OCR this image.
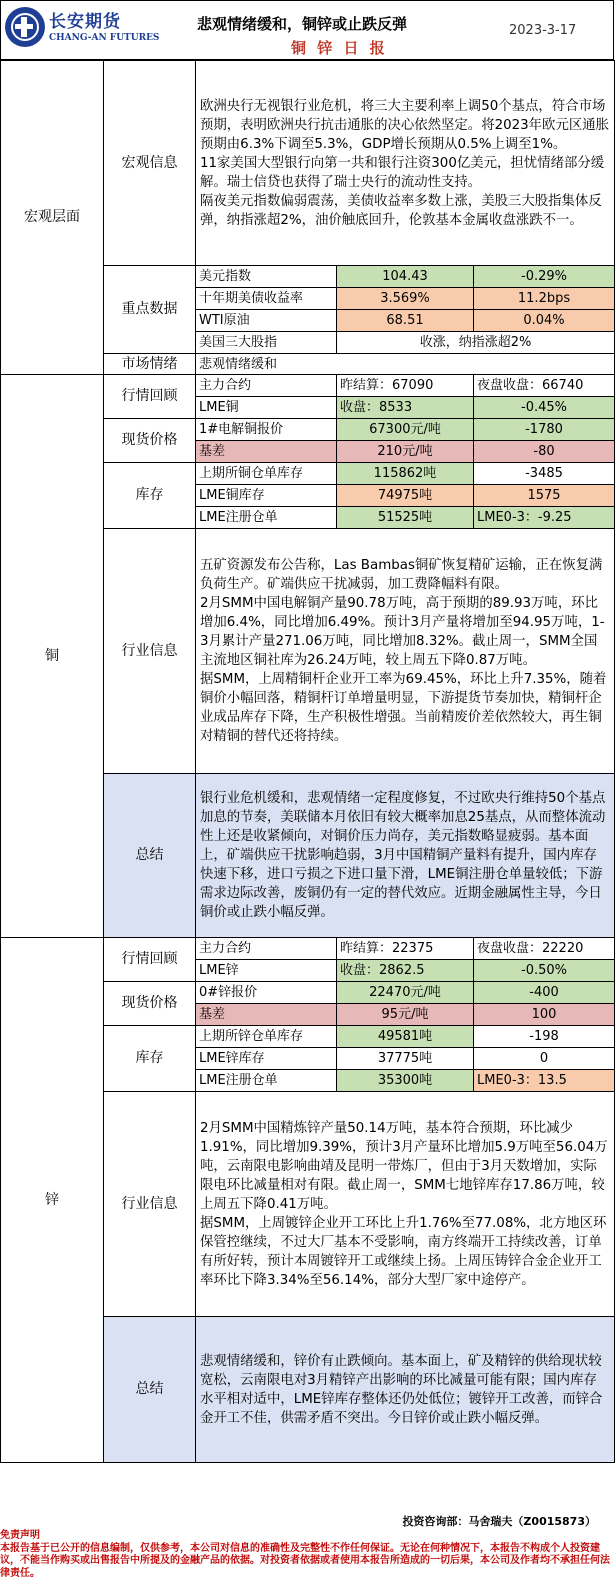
长安期货
CHANG-AN FUTURES
悲观情绪缓和，铜锌或止跌反弹
铜 锌 日 报
2023-3-17
宏观层面	宏观信息	欧洲央行无视银行业危机，将三大主要利率上调50个基点，符合市场预期，表明欧洲央行抗击通胀的决心依然坚定。将2023年欧元区通胀预期由6.3%下调至5.3%，GDP增长预期从0.5%上调至1%。
11家美国大型银行向第一共和银行注资300亿美元，担忧情绪部分缓解。瑞士信贷也获得了瑞士央行的流动性支持。
隔夜美元指数偏弱震荡，美债收益率多数上涨，美股三大股指集体反弹，纳指涨超2%，油价触底回升，伦敦基本金属收盘涨跌不一。		

	重点数据	美元指数	104.43	-0.29%
		十年期美债收益率	3.569%	11.2bps
		WTI原油	68.51	0.04%
		美国三大股指	收涨，纳指涨超2%	
	市场情绪	悲观情绪缓和		
铜	行情回顾	主力合约	昨结算：67090	夜盘收盘：66740
		LME铜	收盘：8533	-0.45%
	现货价格	1#电解铜报价	67300元/吨	-1780
		基差	210元/吨	-80
	库存	上期所铜仓单库存	115862吨	-3485
		LME铜库存	74975吨	1575
		LME注册仓单	51525吨	LME0-3：-9.25
	行业信息	五矿资源发布公告称，Las Bambas铜矿恢复精矿运输，正在恢复满负荷生产。矿端供应干扰减弱，加工费降幅料有限。
2月SMM中国电解铜产量90.78万吨，高于预期的89.93万吨，环比增加6.4%，同比增加6.49%。预计3月产量将增加至94.95万吨，1-3月累计产量271.06万吨，同比增加8.32%。截止周一，SMM全国主流地区铜社库为26.24万吨，较上周五下降0.87万吨。
据SMM，上周精铜杆企业开工率为69.45%，环比上升7.35%，随着铜价小幅回落，精铜杆订单增量明显，下游提货节奏加快，精铜杆企业成品库存下降，生产积极性增强。当前精废价差依然较大，再生铜对精铜的替代还将持续。		

	总结	银行业危机缓和，悲观情绪一定程度修复，不过欧央行维持50个基点加息的节奏，美联储本月依旧有较大概率加息25基点，从而整体流动性上还是收紧倾向，对铜价压力尚存，美元指数略显疲弱。基本面上，矿端供应干扰影响趋弱，3月中国精铜产量料有提升，国内库存快速下移，进口亏损之下进口量下滑，LME铜注册仓单量较低；下游需求边际改善，废铜仍有一定的替代效应。近期金融属性主导，今日铜价或止跌小幅反弹。		
锌	行情回顾	主力合约	昨结算：22375	夜盘收盘：22220
		LME锌	收盘：2862.5	-0.50%
	现货价格	0#锌报价	22470元/吨	-400
		基差	95元/吨	100
	库存	上期所锌仓单库存	49581吨	-198
		LME锌库存	37775吨	0
		LME注册仓单	35300吨	LME0-3：13.5
	行业信息	2月SMM中国精炼锌产量50.14万吨，基本符合预期，环比减少1.91%，同比增加9.39%，预计3月产量环比增加5.9万吨至56.04万吨，云南限电影响曲靖及昆明一带炼厂，但由于3月天数增加，实际限电环比减量相对有限。截止周一，SMM七地锌库存17.86万吨，较上周五下降0.41万吨。
据SMM，上周镀锌企业开工环比上升1.76%至77.08%，北方地区环保管控继续，不过大厂基本不受影响，南方终端开工持续改善，订单有所好转，预计本周镀锌开工或继续上扬。上周压铸锌合金企业开工率环比下降3.34%至56.14%，部分大型厂家中途停产。		

	总结	悲观情绪缓和，锌价有止跌倾向。基本面上，矿及精锌的供给现状较宽松，云南限电对3月精锌产出影响的环比减量可能有限；国内库存水平相对适中，LME锌库存整体还仍处低位；镀锌开工改善，而锌合金开工不佳，供需矛盾不突出。今日锌价或止跌小幅反弹。		
投资咨询部：马舍瑞夫（Z0015873）
免责声明
本报告基于已公开的信息编制，仅供参考，本公司对信息的准确性及完整性不作任何保证。无论在何种情况下，本报告不构成个人投资建议，不能当作购买或出售报告中所提及的金融产品的依据。对投资者依据或者使用本报告所造成的一切后果，本公司及作者均不承担任何法律责任。
